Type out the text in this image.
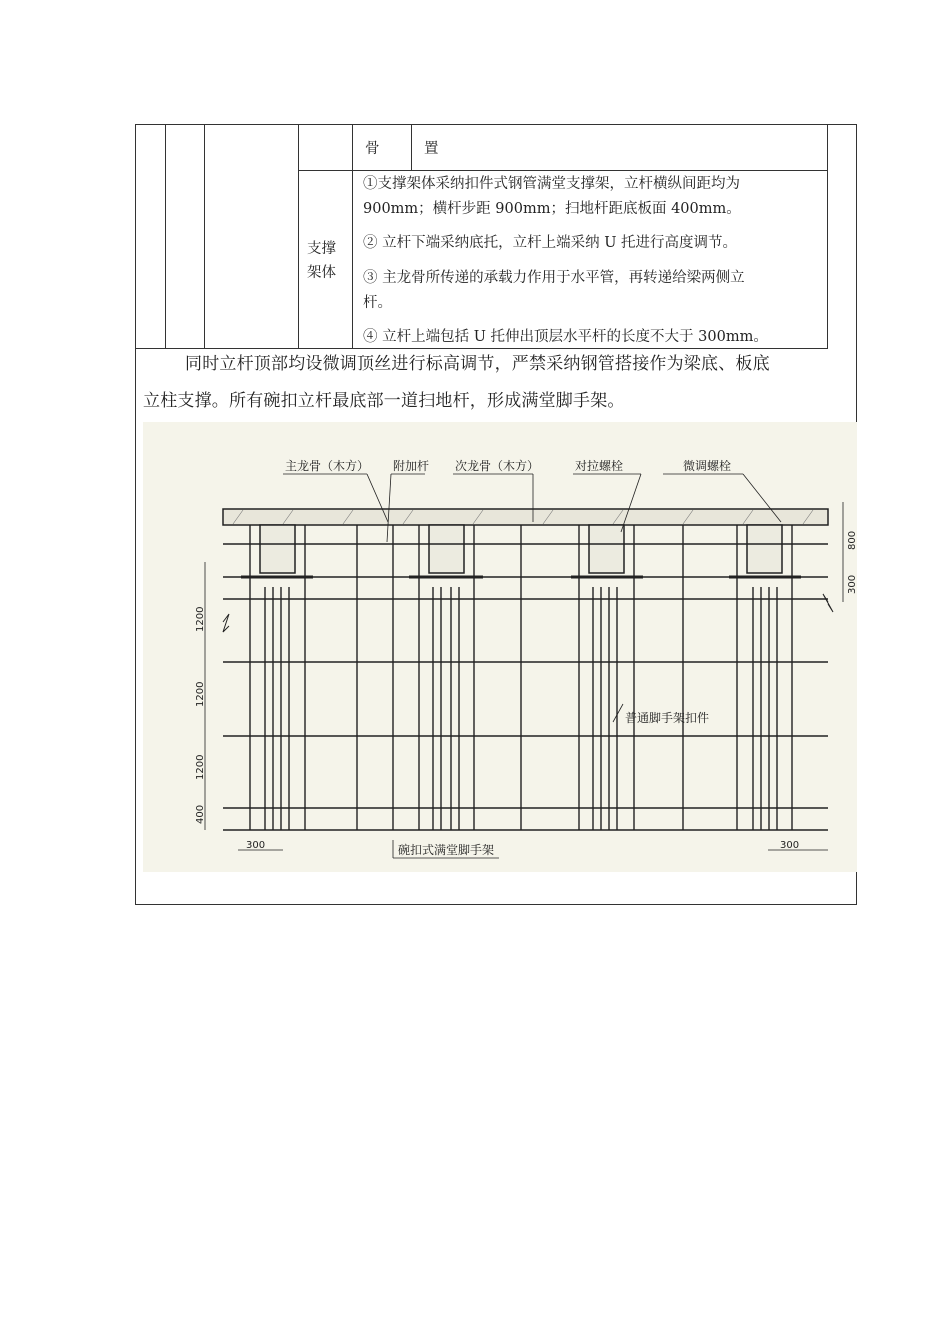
骨	置
支撑
架体
①支撑架体采纳扣件式钢管满堂支撑架，立杆横纵间距均为
900mm；横杆步距 900mm；扫地杆距底板面 400mm。
② 立杆下端采纳底托，立杆上端采纳 U 托进行高度调节。
③ 主龙骨所传递的承载力作用于水平管，再转递给梁两侧立
杆。
④ 立杆上端包括 U 托伸出顶层水平杆的长度不大于 300mm。
同时立杆顶部均设微调顶丝进行标高调节，严禁采纳钢管搭接作为梁底、板底
立柱支撑。所有碗扣立杆最底部一道扫地杆，形成满堂脚手架。
主龙骨（木方） 附加杆 次龙骨（木方）	对拉螺栓	微调螺栓
普通脚手架扣件
碗扣式满堂脚手架
1200
1200
1200
400
800
300
300	300
